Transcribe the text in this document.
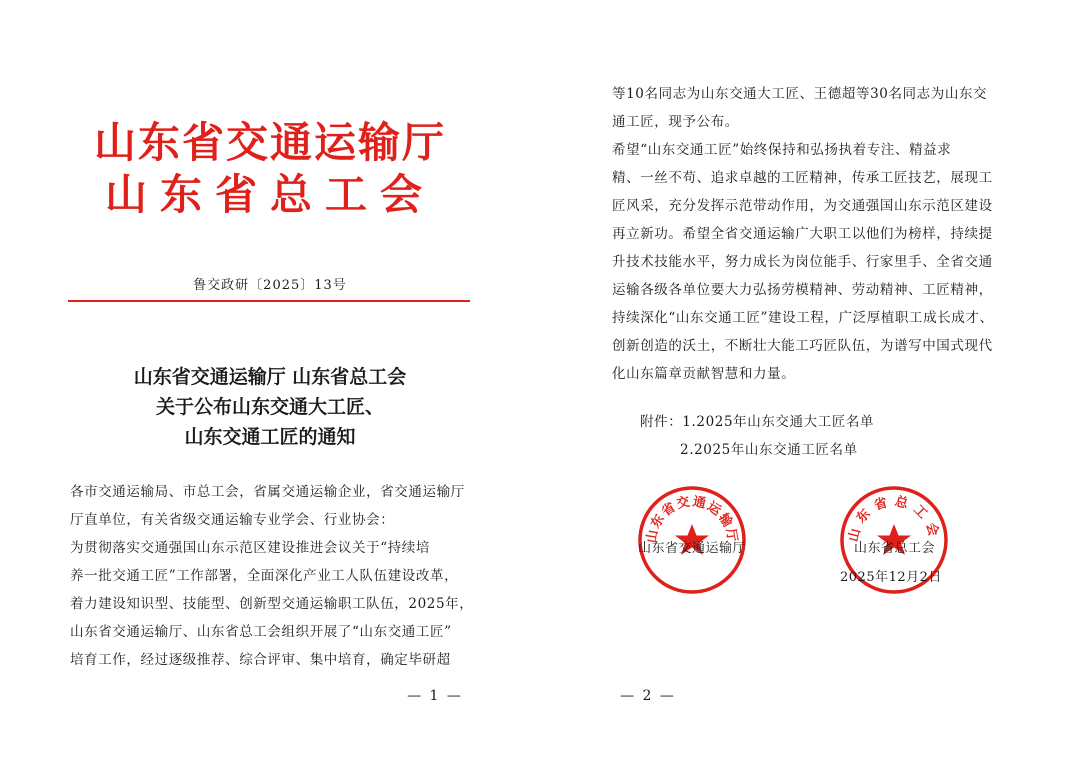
山东省交通运输厅
山东省总工会
鲁交政研〔2025〕13号
山东省交通运输厅 山东省总工会
关于公布山东交通大工匠、
山东交通工匠的通知
各市交通运输局、市总工会，省属交通运输企业，省交通运输厅
厅直单位，有关省级交通运输专业学会、行业协会：
为贯彻落实交通强国山东示范区建设推进会议关于“持续培
养一批交通工匠”工作部署，全面深化产业工人队伍建设改革，
着力建设知识型、技能型、创新型交通运输职工队伍，2025年，
山东省交通运输厅、山东省总工会组织开展了“山东交通工匠”
培育工作，经过逐级推荐、综合评审、集中培育，确定毕研超
— 1 —
等10名同志为山东交通大工匠、王德超等30名同志为山东交
通工匠，现予公布。
希望“山东交通工匠”始终保持和弘扬执着专注、精益求
精、一丝不苟、追求卓越的工匠精神，传承工匠技艺，展现工
匠风采，充分发挥示范带动作用，为交通强国山东示范区建设
再立新功。希望全省交通运输广大职工以他们为榜样，持续提
升技术技能水平，努力成长为岗位能手、行家里手、全省交通
运输各级各单位要大力弘扬劳模精神、劳动精神、工匠精神，
持续深化“山东交通工匠”建设工程，广泛厚植职工成长成才、
创新创造的沃土，不断壮大能工巧匠队伍，为谱写中国式现代
化山东篇章贡献智慧和力量。
附件：1.2025年山东交通大工匠名单
2.2025年山东交通工匠名单
山东省交通运输厅	山东省总工会
山东省交通运输厅	山东省总工会
2025年12月2日
— 2 —
